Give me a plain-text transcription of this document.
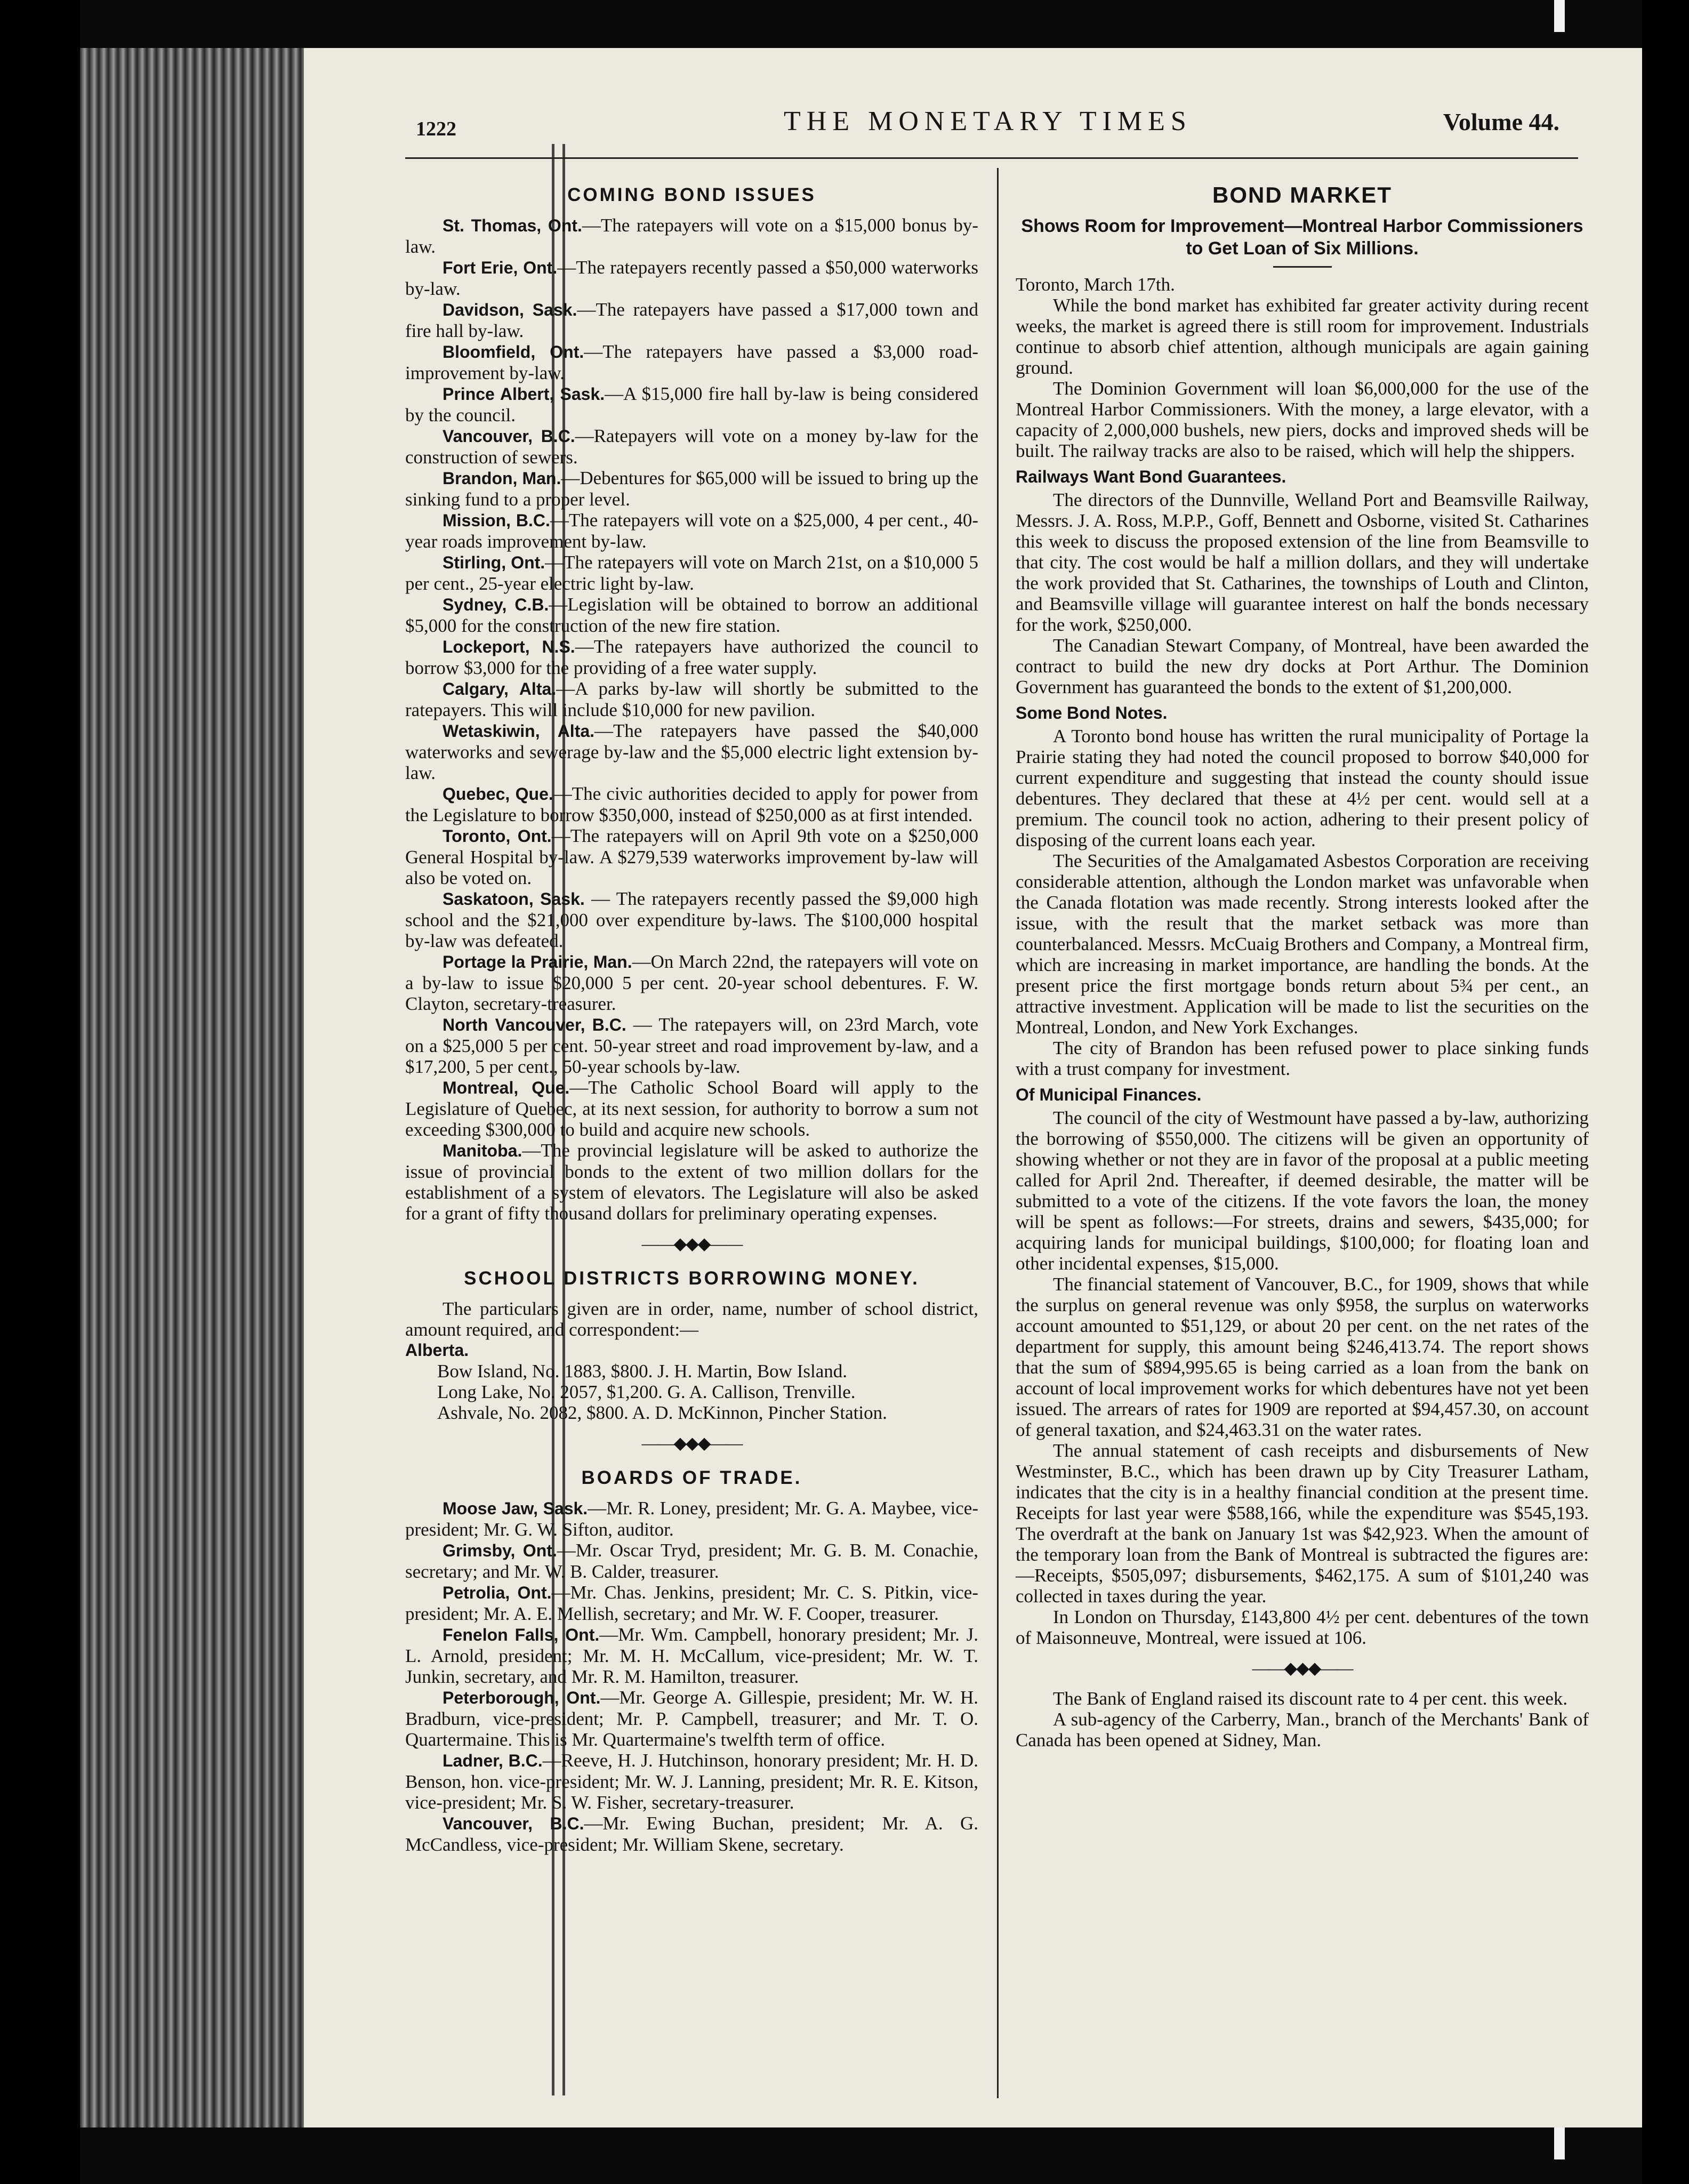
1222	THE MONETARY TIMES	Volume 44.
COMING BOND ISSUES

St. Thomas, Ont.—The ratepayers will vote on a $15,000 bonus by-law.

Fort Erie, Ont.—The ratepayers recently passed a $50,000 waterworks by-law.

Davidson, Sask.—The ratepayers have passed a $17,000 town and fire hall by-law.

Bloomfield, Ont.—The ratepayers have passed a $3,000 road-improvement by-law.

Prince Albert, Sask.—A $15,000 fire hall by-law is being considered by the council.

Vancouver, B.C.—Ratepayers will vote on a money by-law for the construction of sewers.

Brandon, Man.—Debentures for $65,000 will be issued to bring up the sinking fund to a proper level.

Mission, B.C.—The ratepayers will vote on a $25,000, 4 per cent., 40-year roads improvement by-law.

Stirling, Ont.—The ratepayers will vote on March 21st, on a $10,000 5 per cent., 25-year electric light by-law.

Sydney, C.B.—Legislation will be obtained to borrow an additional $5,000 for the construction of the new fire station.

Lockeport, N.S.—The ratepayers have authorized the council to borrow $3,000 for the providing of a free water supply.

Calgary, Alta.—A parks by-law will shortly be submitted to the ratepayers. This will include $10,000 for new pavilion.

Wetaskiwin, Alta.—The ratepayers have passed the $40,000 waterworks and sewerage by-law and the $5,000 electric light extension by-law.

Quebec, Que.—The civic authorities decided to apply for power from the Legislature to borrow $350,000, instead of $250,000 as at first intended.

Toronto, Ont.—The ratepayers will on April 9th vote on a $250,000 General Hospital by-law. A $279,539 waterworks improvement by-law will also be voted on.

Saskatoon, Sask. — The ratepayers recently passed the $9,000 high school and the $21,000 over expenditure by-laws. The $100,000 hospital by-law was defeated.

Portage la Prairie, Man.—On March 22nd, the ratepayers will vote on a by-law to issue $20,000 5 per cent. 20-year school debentures. F. W. Clayton, secretary-treasurer.

North Vancouver, B.C. — The ratepayers will, on 23rd March, vote on a $25,000 5 per cent. 50-year street and road improvement by-law, and a $17,200, 5 per cent., 50-year schools by-law.

Montreal, Que.—The Catholic School Board will apply to the Legislature of Quebec, at its next session, for authority to borrow a sum not exceeding $300,000 to build and acquire new schools.

Manitoba.—The provincial legislature will be asked to authorize the issue of provincial bonds to the extent of two million dollars for the establishment of a system of elevators. The Legislature will also be asked for a grant of fifty thousand dollars for preliminary operating expenses.

——◆◆◆——
SCHOOL DISTRICTS BORROWING MONEY.

The particulars given are in order, name, number of school district, amount required, and correspondent:—

Alberta.

Bow Island, No. 1883, $800. J. H. Martin, Bow Island.

Long Lake, No. 2057, $1,200. G. A. Callison, Trenville.

Ashvale, No. 2082, $800. A. D. McKinnon, Pincher Station.

——◆◆◆——
BOARDS OF TRADE.

Moose Jaw, Sask.—Mr. R. Loney, president; Mr. G. A. Maybee, vice-president; Mr. G. W. Sifton, auditor.

Grimsby, Ont.—Mr. Oscar Tryd, president; Mr. G. B. M. Conachie, secretary; and Mr. W. B. Calder, treasurer.

Petrolia, Ont.—Mr. Chas. Jenkins, president; Mr. C. S. Pitkin, vice-president; Mr. A. E. Mellish, secretary; and Mr. W. F. Cooper, treasurer.

Fenelon Falls, Ont.—Mr. Wm. Campbell, honorary president; Mr. J. L. Arnold, president; Mr. M. H. McCallum, vice-president; Mr. W. T. Junkin, secretary, and Mr. R. M. Hamilton, treasurer.

Peterborough, Ont.—Mr. George A. Gillespie, president; Mr. W. H. Bradburn, vice-president; Mr. P. Campbell, treasurer; and Mr. T. O. Quartermaine. This is Mr. Quartermaine's twelfth term of office.

Ladner, B.C.—Reeve, H. J. Hutchinson, honorary president; Mr. H. D. Benson, hon. vice-president; Mr. W. J. Lanning, president; Mr. R. E. Kitson, vice-president; Mr. S. W. Fisher, secretary-treasurer.

Vancouver, B.C.—Mr. Ewing Buchan, president; Mr. A. G. McCandless, vice-president; Mr. William Skene, secretary.

BOND MARKET
Shows Room for Improvement—Montreal Harbor Commissioners to Get Loan of Six Millions.

Toronto, March 17th.

While the bond market has exhibited far greater activity during recent weeks, the market is agreed there is still room for improvement. Industrials continue to absorb chief attention, although municipals are again gaining ground.

The Dominion Government will loan $6,000,000 for the use of the Montreal Harbor Commissioners. With the money, a large elevator, with a capacity of 2,000,000 bushels, new piers, docks and improved sheds will be built. The railway tracks are also to be raised, which will help the shippers.

Railways Want Bond Guarantees.

The directors of the Dunnville, Welland Port and Beamsville Railway, Messrs. J. A. Ross, M.P.P., Goff, Bennett and Osborne, visited St. Catharines this week to discuss the proposed extension of the line from Beamsville to that city. The cost would be half a million dollars, and they will undertake the work provided that St. Catharines, the townships of Louth and Clinton, and Beamsville village will guarantee interest on half the bonds necessary for the work, $250,000.

The Canadian Stewart Company, of Montreal, have been awarded the contract to build the new dry docks at Port Arthur. The Dominion Government has guaranteed the bonds to the extent of $1,200,000.

Some Bond Notes.

A Toronto bond house has written the rural municipality of Portage la Prairie stating they had noted the council proposed to borrow $40,000 for current expenditure and suggesting that instead the county should issue debentures. They declared that these at 4½ per cent. would sell at a premium. The council took no action, adhering to their present policy of disposing of the current loans each year.

The Securities of the Amalgamated Asbestos Corporation are receiving considerable attention, although the London market was unfavorable when the Canada flotation was made recently. Strong interests looked after the issue, with the result that the market setback was more than counterbalanced. Messrs. McCuaig Brothers and Company, a Montreal firm, which are increasing in market importance, are handling the bonds. At the present price the first mortgage bonds return about 5¾ per cent., an attractive investment. Application will be made to list the securities on the Montreal, London, and New York Exchanges.

The city of Brandon has been refused power to place sinking funds with a trust company for investment.

Of Municipal Finances.

The council of the city of Westmount have passed a by-law, authorizing the borrowing of $550,000. The citizens will be given an opportunity of showing whether or not they are in favor of the proposal at a public meeting called for April 2nd. Thereafter, if deemed desirable, the matter will be submitted to a vote of the citizens. If the vote favors the loan, the money will be spent as follows:—For streets, drains and sewers, $435,000; for acquiring lands for municipal buildings, $100,000; for floating loan and other incidental expenses, $15,000.

The financial statement of Vancouver, B.C., for 1909, shows that while the surplus on general revenue was only $958, the surplus on waterworks account amounted to $51,129, or about 20 per cent. on the net rates of the department for supply, this amount being $246,413.74. The report shows that the sum of $894,995.65 is being carried as a loan from the bank on account of local improvement works for which debentures have not yet been issued. The arrears of rates for 1909 are reported at $94,457.30, on account of general taxation, and $24,463.31 on the water rates.

The annual statement of cash receipts and disbursements of New Westminster, B.C., which has been drawn up by City Treasurer Latham, indicates that the city is in a healthy financial condition at the present time. Receipts for last year were $588,166, while the expenditure was $545,193. The overdraft at the bank on January 1st was $42,923. When the amount of the temporary loan from the Bank of Montreal is subtracted the figures are:—Receipts, $505,097; disbursements, $462,175. A sum of $101,240 was collected in taxes during the year.

In London on Thursday, £143,800 4½ per cent. debentures of the town of Maisonneuve, Montreal, were issued at 106.

——◆◆◆——

The Bank of England raised its discount rate to 4 per cent. this week.

A sub-agency of the Carberry, Man., branch of the Merchants' Bank of Canada has been opened at Sidney, Man.
